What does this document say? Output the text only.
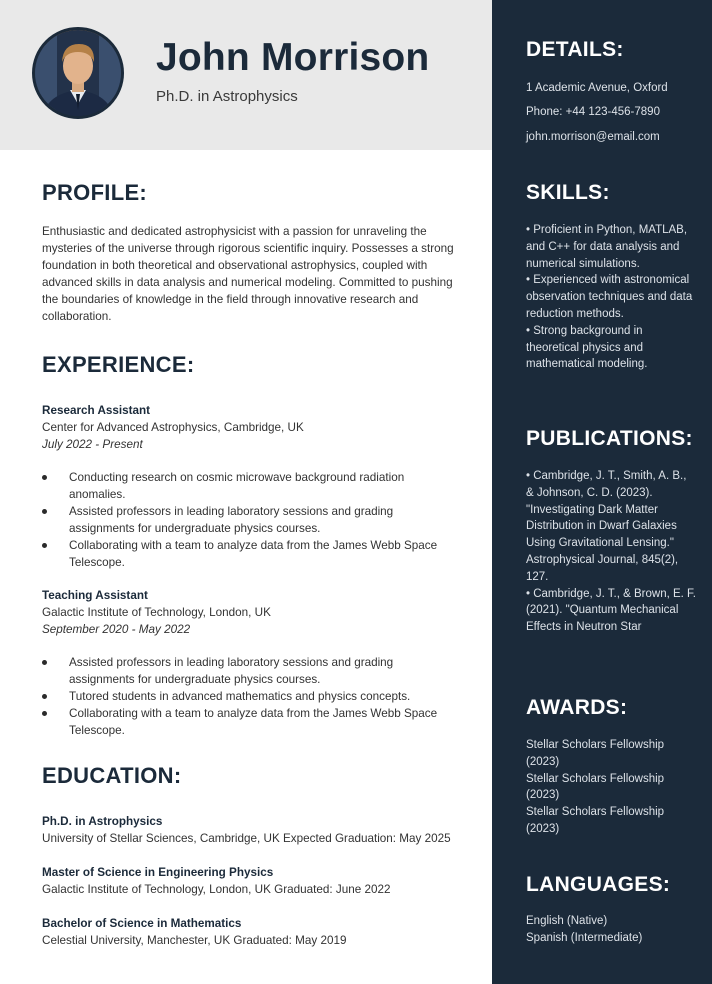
John Morrison
Ph.D. in Astrophysics
PROFILE:
Enthusiastic and dedicated astrophysicist with a passion for unraveling the mysteries of the universe through rigorous scientific inquiry. Possesses a strong foundation in both theoretical and observational astrophysics, coupled with advanced skills in data analysis and numerical modeling. Committed to pushing the boundaries of knowledge in the field through innovative research and collaboration.
EXPERIENCE:
Research Assistant
Center for Advanced Astrophysics, Cambridge, UK
July 2022 - Present
Conducting research on cosmic microwave background radiation anomalies.
Assisted professors in leading laboratory sessions and grading assignments for undergraduate physics courses.
Collaborating with a team to analyze data from the James Webb Space Telescope.
Teaching Assistant
Galactic Institute of Technology, London, UK
September 2020 - May 2022
Assisted professors in leading laboratory sessions and grading assignments for undergraduate physics courses.
Tutored students in advanced mathematics and physics concepts.
Collaborating with a team to analyze data from the James Webb Space Telescope.
EDUCATION:
Ph.D. in Astrophysics
University of Stellar Sciences, Cambridge, UK Expected Graduation: May 2025
Master of Science in Engineering Physics
Galactic Institute of Technology, London, UK Graduated: June 2022
Bachelor of Science in Mathematics
Celestial University, Manchester, UK Graduated: May 2019
DETAILS:
1 Academic Avenue, Oxford
Phone: +44 123-456-7890
john.morrison@email.com
SKILLS:
• Proficient in Python, MATLAB, and C++ for data analysis and numerical simulations.
• Experienced with astronomical observation techniques and data reduction methods.
• Strong background in theoretical physics and mathematical modeling.
PUBLICATIONS:
• Cambridge, J. T., Smith, A. B., & Johnson, C. D. (2023). "Investigating Dark Matter Distribution in Dwarf Galaxies Using Gravitational Lensing." Astrophysical Journal, 845(2), 127.
• Cambridge, J. T., & Brown, E. F. (2021). "Quantum Mechanical Effects in Neutron Star
AWARDS:
Stellar Scholars Fellowship (2023)
Stellar Scholars Fellowship (2023)
Stellar Scholars Fellowship (2023)
LANGUAGES:
English (Native)
Spanish (Intermediate)
